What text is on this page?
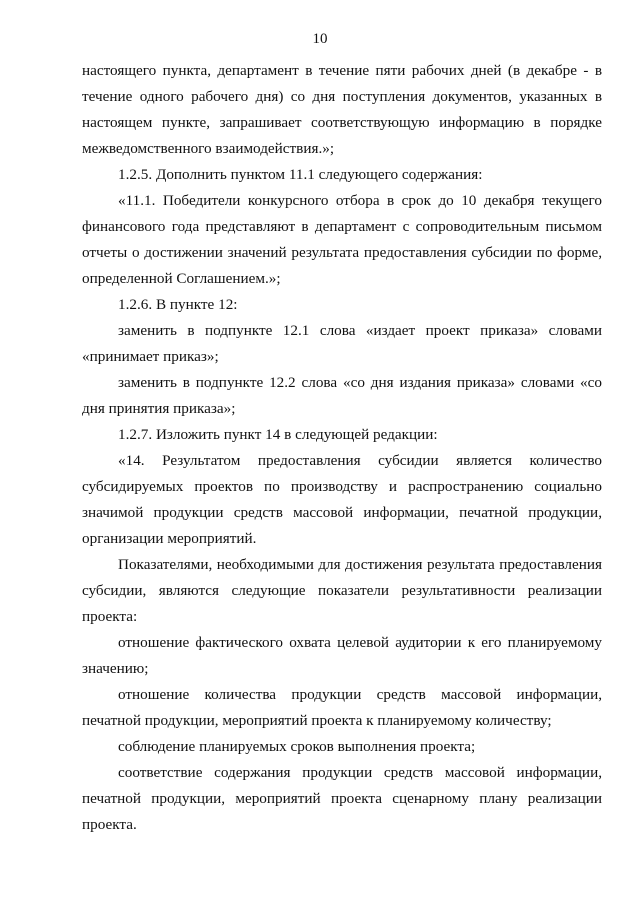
10

настоящего пункта, департамент в течение пяти рабочих дней (в декабре - в течение одного рабочего дня) со дня поступления документов, указанных в настоящем пункте, запрашивает соответствующую информацию в порядке межведомственного взаимодействия.»;

1.2.5. Дополнить пунктом 11.1 следующего содержания:

«11.1. Победители конкурсного отбора в срок до 10 декабря текущего финансового года представляют в департамент с сопроводительным письмом отчеты о достижении значений результата предоставления субсидии по форме, определенной Соглашением.»;

1.2.6. В пункте 12:

заменить в подпункте 12.1 слова «издает проект приказа» словами «принимает приказ»;

заменить в подпункте 12.2 слова «со дня издания приказа» словами «со дня принятия приказа»;

1.2.7. Изложить пункт 14 в следующей редакции:

«14. Результатом предоставления субсидии является количество субсидируемых проектов по производству и распространению социально значимой продукции средств массовой информации, печатной продукции, организации мероприятий.

Показателями, необходимыми для достижения результата предоставления субсидии, являются следующие показатели результативности реализации проекта:

отношение фактического охвата целевой аудитории к его планируемому значению;

отношение количества продукции средств массовой информации, печатной продукции, мероприятий проекта к планируемому количеству;

соблюдение планируемых сроков выполнения проекта;

соответствие содержания продукции средств массовой информации, печатной продукции, мероприятий проекта сценарному плану реализации проекта.
